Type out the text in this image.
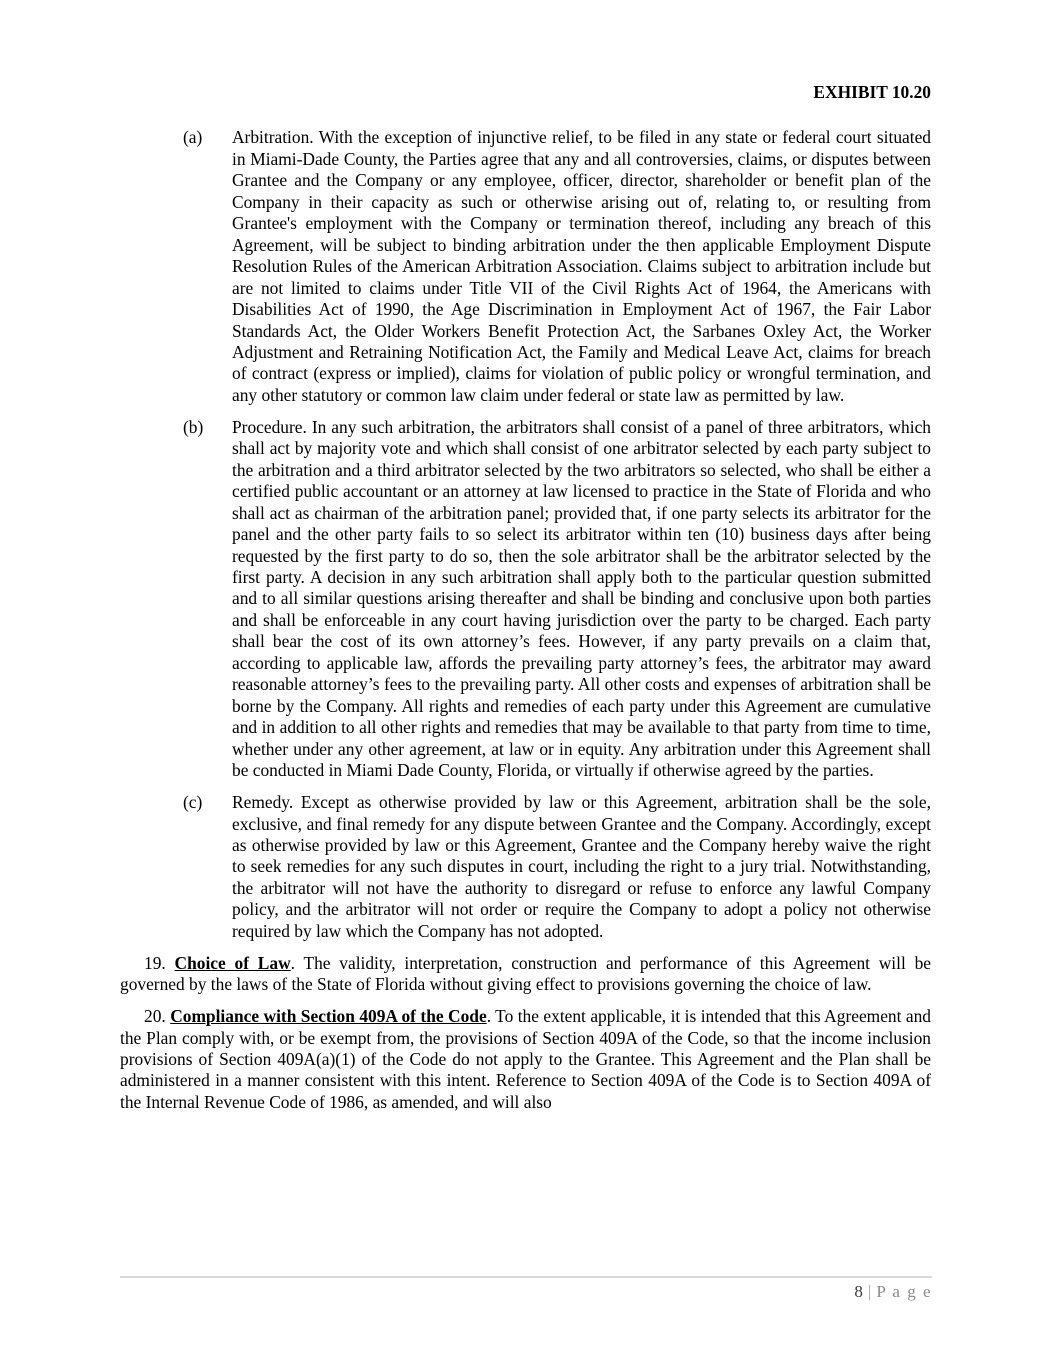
EXHIBIT 10.20
(a) Arbitration. With the exception of injunctive relief, to be filed in any state or federal court situated in Miami-Dade County, the Parties agree that any and all controversies, claims, or disputes between Grantee and the Company or any employee, officer, director, shareholder or benefit plan of the Company in their capacity as such or otherwise arising out of, relating to, or resulting from Grantee's employment with the Company or termination thereof, including any breach of this Agreement, will be subject to binding arbitration under the then applicable Employment Dispute Resolution Rules of the American Arbitration Association. Claims subject to arbitration include but are not limited to claims under Title VII of the Civil Rights Act of 1964, the Americans with Disabilities Act of 1990, the Age Discrimination in Employment Act of 1967, the Fair Labor Standards Act, the Older Workers Benefit Protection Act, the Sarbanes Oxley Act, the Worker Adjustment and Retraining Notification Act, the Family and Medical Leave Act, claims for breach of contract (express or implied), claims for violation of public policy or wrongful termination, and any other statutory or common law claim under federal or state law as permitted by law.
(b) Procedure. In any such arbitration, the arbitrators shall consist of a panel of three arbitrators, which shall act by majority vote and which shall consist of one arbitrator selected by each party subject to the arbitration and a third arbitrator selected by the two arbitrators so selected, who shall be either a certified public accountant or an attorney at law licensed to practice in the State of Florida and who shall act as chairman of the arbitration panel; provided that, if one party selects its arbitrator for the panel and the other party fails to so select its arbitrator within ten (10) business days after being requested by the first party to do so, then the sole arbitrator shall be the arbitrator selected by the first party. A decision in any such arbitration shall apply both to the particular question submitted and to all similar questions arising thereafter and shall be binding and conclusive upon both parties and shall be enforceable in any court having jurisdiction over the party to be charged. Each party shall bear the cost of its own attorney’s fees. However, if any party prevails on a claim that, according to applicable law, affords the prevailing party attorney’s fees, the arbitrator may award reasonable attorney’s fees to the prevailing party. All other costs and expenses of arbitration shall be borne by the Company. All rights and remedies of each party under this Agreement are cumulative and in addition to all other rights and remedies that may be available to that party from time to time, whether under any other agreement, at law or in equity. Any arbitration under this Agreement shall be conducted in Miami Dade County, Florida, or virtually if otherwise agreed by the parties.
(c) Remedy. Except as otherwise provided by law or this Agreement, arbitration shall be the sole, exclusive, and final remedy for any dispute between Grantee and the Company. Accordingly, except as otherwise provided by law or this Agreement, Grantee and the Company hereby waive the right to seek remedies for any such disputes in court, including the right to a jury trial. Notwithstanding, the arbitrator will not have the authority to disregard or refuse to enforce any lawful Company policy, and the arbitrator will not order or require the Company to adopt a policy not otherwise required by law which the Company has not adopted.

19. Choice of Law. The validity, interpretation, construction and performance of this Agreement will be governed by the laws of the State of Florida without giving effect to provisions governing the choice of law.

20. Compliance with Section 409A of the Code. To the extent applicable, it is intended that this Agreement and the Plan comply with, or be exempt from, the provisions of Section 409A of the Code, so that the income inclusion provisions of Section 409A(a)(1) of the Code do not apply to the Grantee. This Agreement and the Plan shall be administered in a manner consistent with this intent. Reference to Section 409A of the Code is to Section 409A of the Internal Revenue Code of 1986, as amended, and will also

8 | P a g e
